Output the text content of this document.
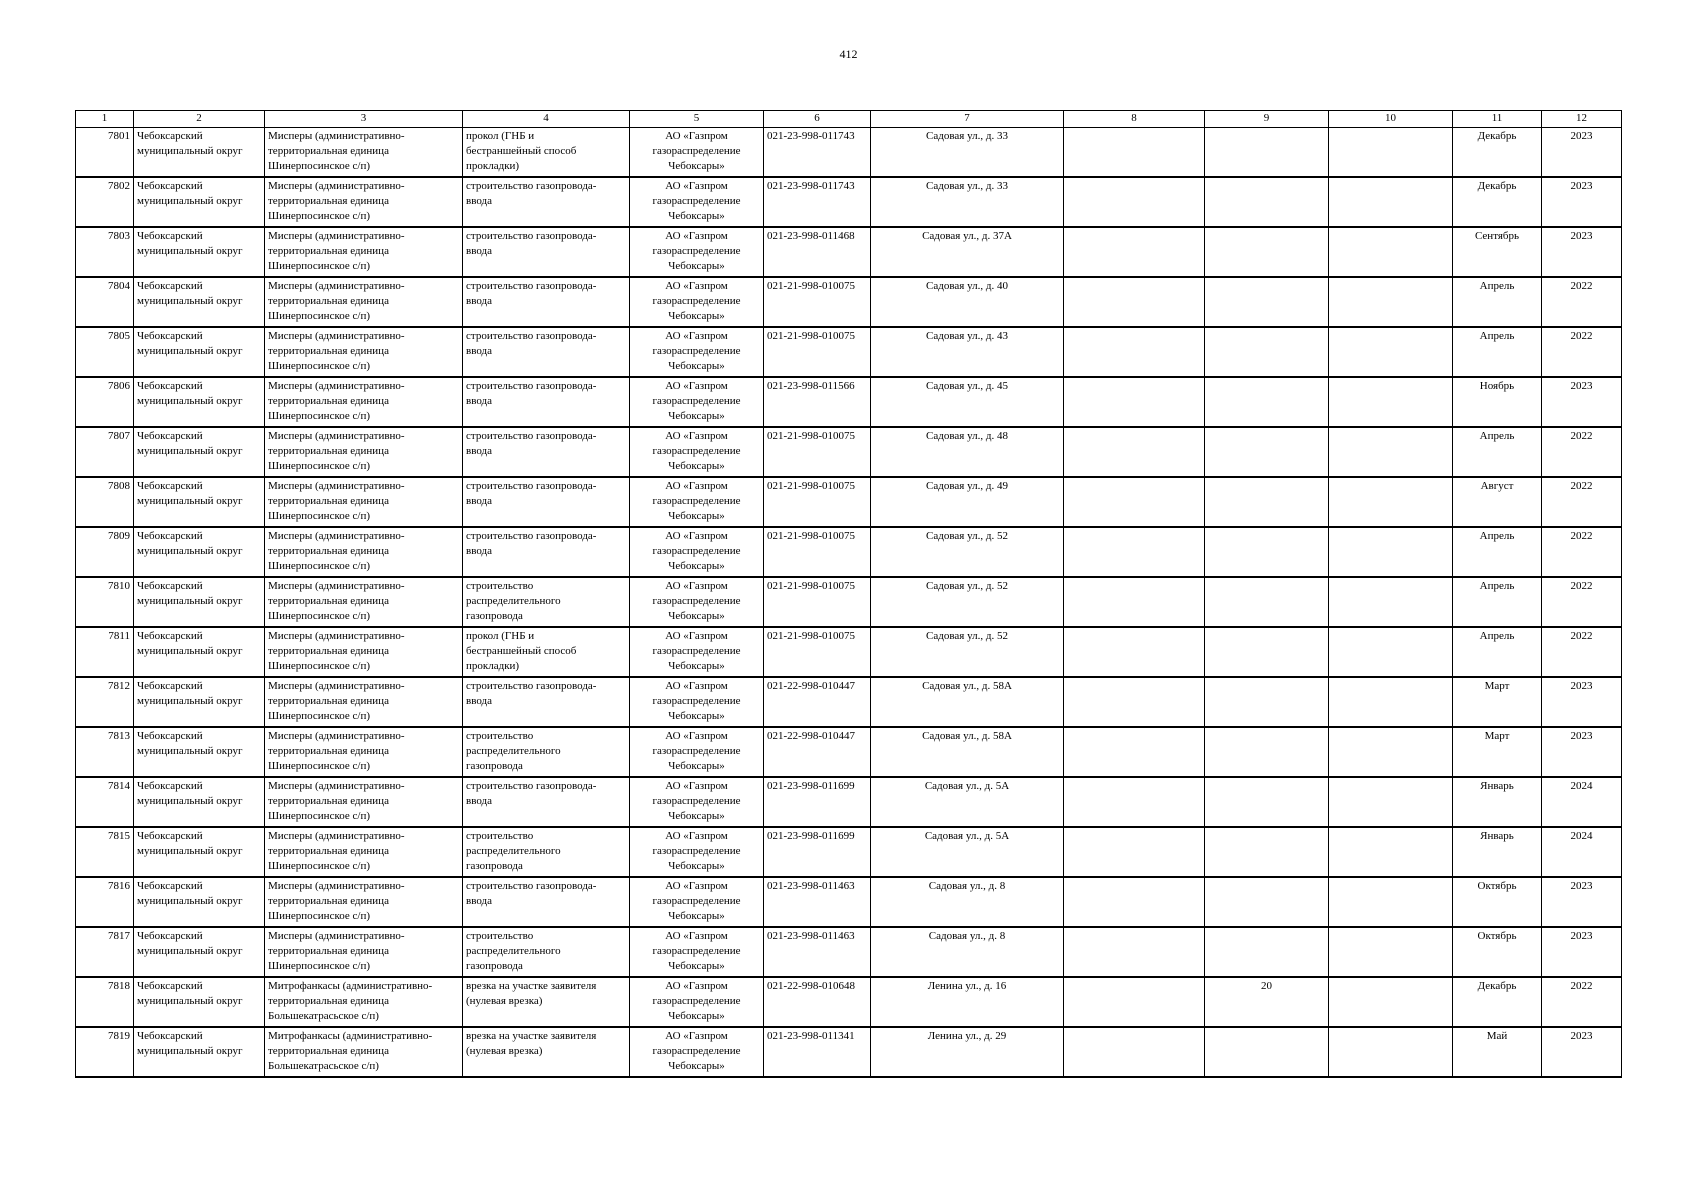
412
1	2	3	4	5	6	7	8	9	10	11	12
7801	Чебоксарский
муниципальный округ	Мисперы (административно-
территориальная единица
Шинерпосинское с/п)	прокол (ГНБ и
бестраншейный способ
прокладки)	АО «Газпром
газораспределение
Чебоксары»	021-23-998-011743	Садовая ул., д. 33				Декабрь	2023
7802	Чебоксарский
муниципальный округ	Мисперы (административно-
территориальная единица
Шинерпосинское с/п)	строительство газопровода-
ввода	АО «Газпром
газораспределение
Чебоксары»	021-23-998-011743	Садовая ул., д. 33				Декабрь	2023
7803	Чебоксарский
муниципальный округ	Мисперы (административно-
территориальная единица
Шинерпосинское с/п)	строительство газопровода-
ввода	АО «Газпром
газораспределение
Чебоксары»	021-23-998-011468	Садовая ул., д. 37А				Сентябрь	2023
7804	Чебоксарский
муниципальный округ	Мисперы (административно-
территориальная единица
Шинерпосинское с/п)	строительство газопровода-
ввода	АО «Газпром
газораспределение
Чебоксары»	021-21-998-010075	Садовая ул., д. 40				Апрель	2022
7805	Чебоксарский
муниципальный округ	Мисперы (административно-
территориальная единица
Шинерпосинское с/п)	строительство газопровода-
ввода	АО «Газпром
газораспределение
Чебоксары»	021-21-998-010075	Садовая ул., д. 43				Апрель	2022
7806	Чебоксарский
муниципальный округ	Мисперы (административно-
территориальная единица
Шинерпосинское с/п)	строительство газопровода-
ввода	АО «Газпром
газораспределение
Чебоксары»	021-23-998-011566	Садовая ул., д. 45				Ноябрь	2023
7807	Чебоксарский
муниципальный округ	Мисперы (административно-
территориальная единица
Шинерпосинское с/п)	строительство газопровода-
ввода	АО «Газпром
газораспределение
Чебоксары»	021-21-998-010075	Садовая ул., д. 48				Апрель	2022
7808	Чебоксарский
муниципальный округ	Мисперы (административно-
территориальная единица
Шинерпосинское с/п)	строительство газопровода-
ввода	АО «Газпром
газораспределение
Чебоксары»	021-21-998-010075	Садовая ул., д. 49				Август	2022
7809	Чебоксарский
муниципальный округ	Мисперы (административно-
территориальная единица
Шинерпосинское с/п)	строительство газопровода-
ввода	АО «Газпром
газораспределение
Чебоксары»	021-21-998-010075	Садовая ул., д. 52				Апрель	2022
7810	Чебоксарский
муниципальный округ	Мисперы (административно-
территориальная единица
Шинерпосинское с/п)	строительство
распределительного
газопровода	АО «Газпром
газораспределение
Чебоксары»	021-21-998-010075	Садовая ул., д. 52				Апрель	2022
7811	Чебоксарский
муниципальный округ	Мисперы (административно-
территориальная единица
Шинерпосинское с/п)	прокол (ГНБ и
бестраншейный способ
прокладки)	АО «Газпром
газораспределение
Чебоксары»	021-21-998-010075	Садовая ул., д. 52				Апрель	2022
7812	Чебоксарский
муниципальный округ	Мисперы (административно-
территориальная единица
Шинерпосинское с/п)	строительство газопровода-
ввода	АО «Газпром
газораспределение
Чебоксары»	021-22-998-010447	Садовая ул., д. 58А				Март	2023
7813	Чебоксарский
муниципальный округ	Мисперы (административно-
территориальная единица
Шинерпосинское с/п)	строительство
распределительного
газопровода	АО «Газпром
газораспределение
Чебоксары»	021-22-998-010447	Садовая ул., д. 58А				Март	2023
7814	Чебоксарский
муниципальный округ	Мисперы (административно-
территориальная единица
Шинерпосинское с/п)	строительство газопровода-
ввода	АО «Газпром
газораспределение
Чебоксары»	021-23-998-011699	Садовая ул., д. 5А				Январь	2024
7815	Чебоксарский
муниципальный округ	Мисперы (административно-
территориальная единица
Шинерпосинское с/п)	строительство
распределительного
газопровода	АО «Газпром
газораспределение
Чебоксары»	021-23-998-011699	Садовая ул., д. 5А				Январь	2024
7816	Чебоксарский
муниципальный округ	Мисперы (административно-
территориальная единица
Шинерпосинское с/п)	строительство газопровода-
ввода	АО «Газпром
газораспределение
Чебоксары»	021-23-998-011463	Садовая ул., д. 8				Октябрь	2023
7817	Чебоксарский
муниципальный округ	Мисперы (административно-
территориальная единица
Шинерпосинское с/п)	строительство
распределительного
газопровода	АО «Газпром
газораспределение
Чебоксары»	021-23-998-011463	Садовая ул., д. 8				Октябрь	2023
7818	Чебоксарский
муниципальный округ	Митрофанкасы (административно-
территориальная единица
Большекатрасьское с/п)	врезка на участке заявителя
(нулевая врезка)	АО «Газпром
газораспределение
Чебоксары»	021-22-998-010648	Ленина ул., д. 16		20		Декабрь	2022
7819	Чебоксарский
муниципальный округ	Митрофанкасы (административно-
территориальная единица
Большекатрасьское с/п)	врезка на участке заявителя
(нулевая врезка)	АО «Газпром
газораспределение
Чебоксары»	021-23-998-011341	Ленина ул., д. 29				Май	2023
